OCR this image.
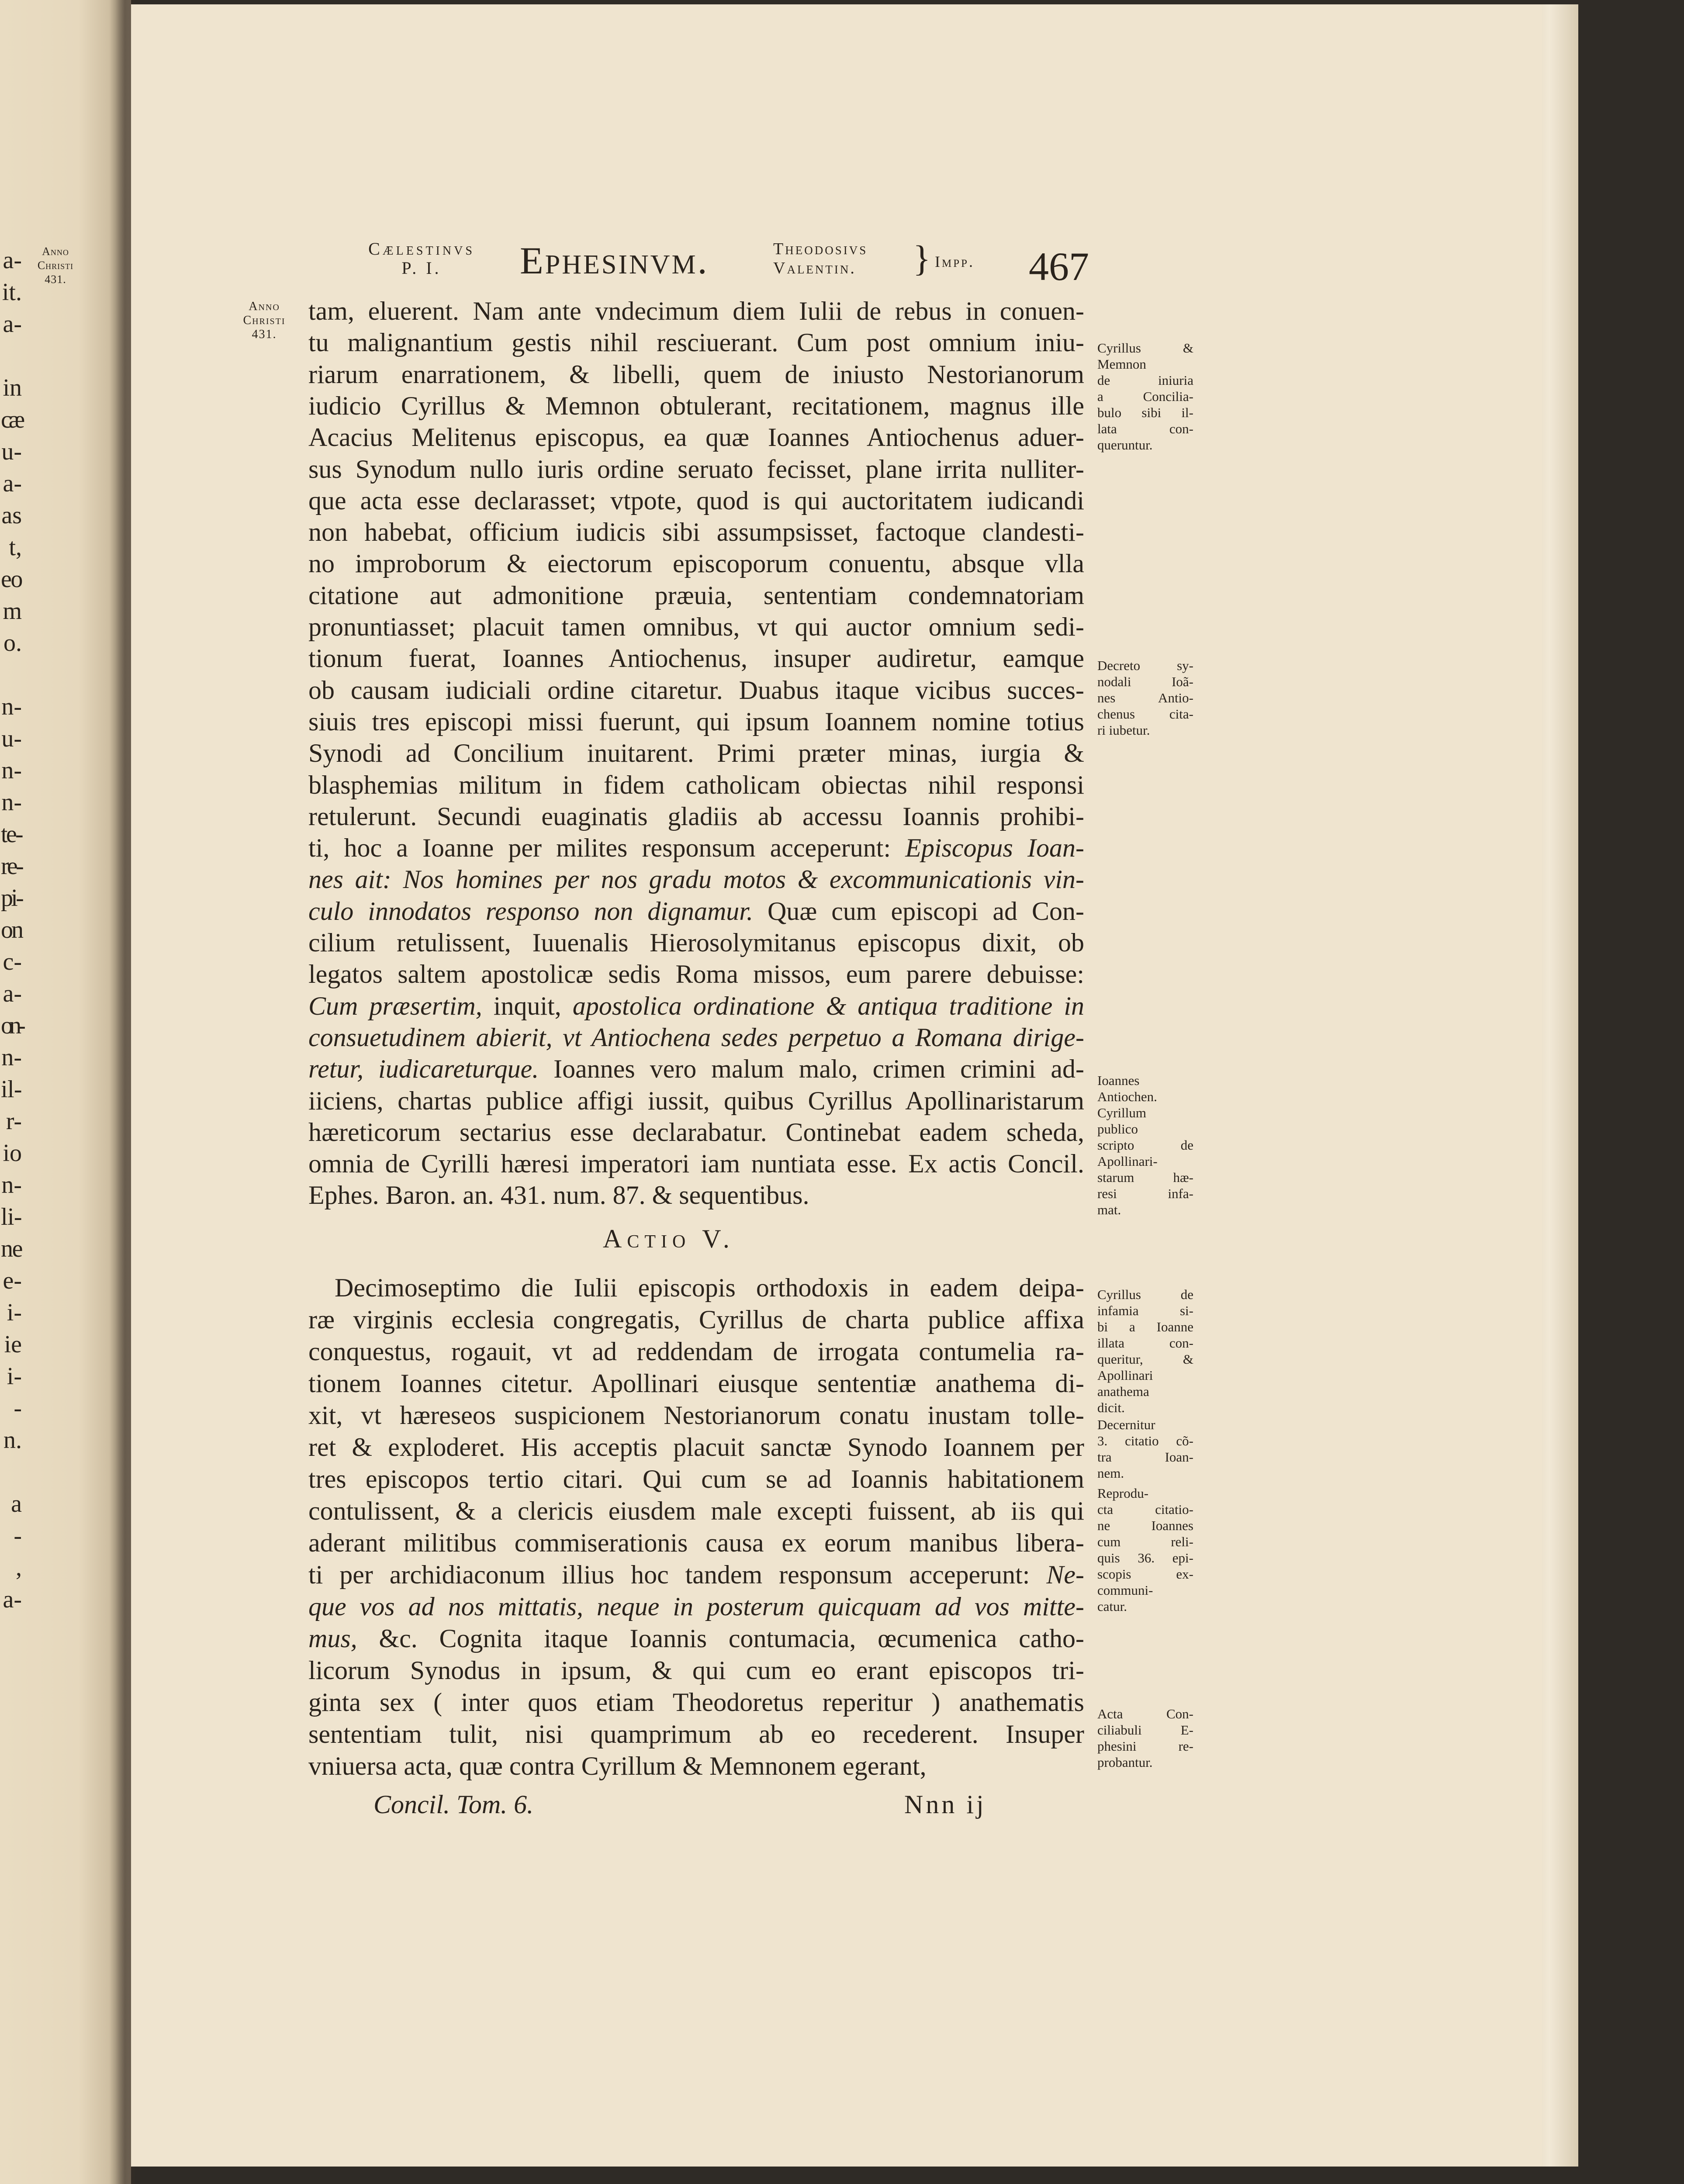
a-
it.
a-
in
cæ
u-
a-
as
t,
eo
m
o.
n-
u-
n-
n-
te-
re-
pi-
on
c-
a-
on-
n-
il-
r-
io
n-
li-
ne
e-
i-
ie
i-
-
n.
a
-
,
a-
Anno
Christi
431.
Cælestinvs
P. I.	Ephesinvm.	Theodosivs
Valentin. } Impp. 467
Anno
Christi
431.
tam, eluerent. Nam ante vndecimum diem Iulii de rebus in conuen-
tu malignantium gestis nihil resciuerant. Cum post omnium iniu-
riarum enarrationem, & libelli, quem de iniusto Nestorianorum
iudicio Cyrillus & Memnon obtulerant, recitationem, magnus ille
Acacius Melitenus episcopus, ea quæ Ioannes Antiochenus aduer-
sus Synodum nullo iuris ordine seruato fecisset, plane irrita nulliter-
que acta esse declarasset; vtpote, quod is qui auctoritatem iudicandi
non habebat, officium iudicis sibi assumpsisset, factoque clandesti-
no improborum & eiectorum episcoporum conuentu, absque vlla
citatione aut admonitione præuia, sententiam condemnatoriam
pronuntiasset; placuit tamen omnibus, vt qui auctor omnium sedi-
tionum fuerat, Ioannes Antiochenus, insuper audiretur, eamque
ob causam iudiciali ordine citaretur. Duabus itaque vicibus succes-
siuis tres episcopi missi fuerunt, qui ipsum Ioannem nomine totius
Synodi ad Concilium inuitarent. Primi præter minas, iurgia &
blasphemias militum in fidem catholicam obiectas nihil responsi
retulerunt. Secundi euaginatis gladiis ab accessu Ioannis prohibi-
ti, hoc a Ioanne per milites responsum acceperunt: Episcopus Ioan-
nes ait: Nos homines per nos gradu motos & excommunicationis vin-
culo innodatos responso non dignamur. Quæ cum episcopi ad Con-
cilium retulissent, Iuuenalis Hierosolymitanus episcopus dixit, ob
legatos saltem apostolicæ sedis Roma missos, eum parere debuisse:
Cum præsertim, inquit, apostolica ordinatione & antiqua traditione in
consuetudinem abierit, vt Antiochena sedes perpetuo a Romana dirige-
retur, iudicareturque. Ioannes vero malum malo, crimen crimini ad-
iiciens, chartas publice affigi iussit, quibus Cyrillus Apollinaristarum
hæreticorum sectarius esse declarabatur. Continebat eadem scheda,
omnia de Cyrilli hæresi imperatori iam nuntiata esse. Ex actis Concil.
Ephes. Baron. an. 431. num. 87. & sequentibus.
Actio V.
Decimoseptimo die Iulii episcopis orthodoxis in eadem deipa-
ræ virginis ecclesia congregatis, Cyrillus de charta publice affixa
conquestus, rogauit, vt ad reddendam de irrogata contumelia ra-
tionem Ioannes citetur. Apollinari eiusque sententiæ anathema di-
xit, vt hæreseos suspicionem Nestorianorum conatu inustam tolle-
ret & exploderet. His acceptis placuit sanctæ Synodo Ioannem per
tres episcopos tertio citari. Qui cum se ad Ioannis habitationem
contulissent, & a clericis eiusdem male excepti fuissent, ab iis qui
aderant militibus commiserationis causa ex eorum manibus libera-
ti per archidiaconum illius hoc tandem responsum acceperunt: Ne-
que vos ad nos mittatis, neque in posterum quicquam ad vos mitte-
mus, &c. Cognita itaque Ioannis contumacia, œcumenica catho-
licorum Synodus in ipsum, & qui cum eo erant episcopos tri-
ginta sex ( inter quos etiam Theodoretus reperitur ) anathematis
sententiam tulit, nisi quamprimum ab eo recederent. Insuper
vniuersa acta, quæ contra Cyrillum & Memnonem egerant,
Cyrillus &
Memnon
de iniuria
a Concilia-
bulo sibi il-
lata con-
queruntur.
Decreto sy-
nodali Ioã-
nes Antio-
chenus cita-
ri iubetur.
Ioannes
Antiochen.
Cyrillum
publico
scripto de
Apollinari-
starum hæ-
resi infa-
mat.
Cyrillus de
infamia si-
bi a Ioanne
illata con-
queritur, &
Apollinari
anathema
dicit.
Decernitur
3. citatio cõ-
tra Ioan-
nem.
Reprodu-
cta citatio-
ne Ioannes
cum reli-
quis 36. epi-
scopis ex-
communi-
catur.
Acta Con-
ciliabuli E-
phesini re-
probantur.
Concil. Tom. 6.	Nnn ij
